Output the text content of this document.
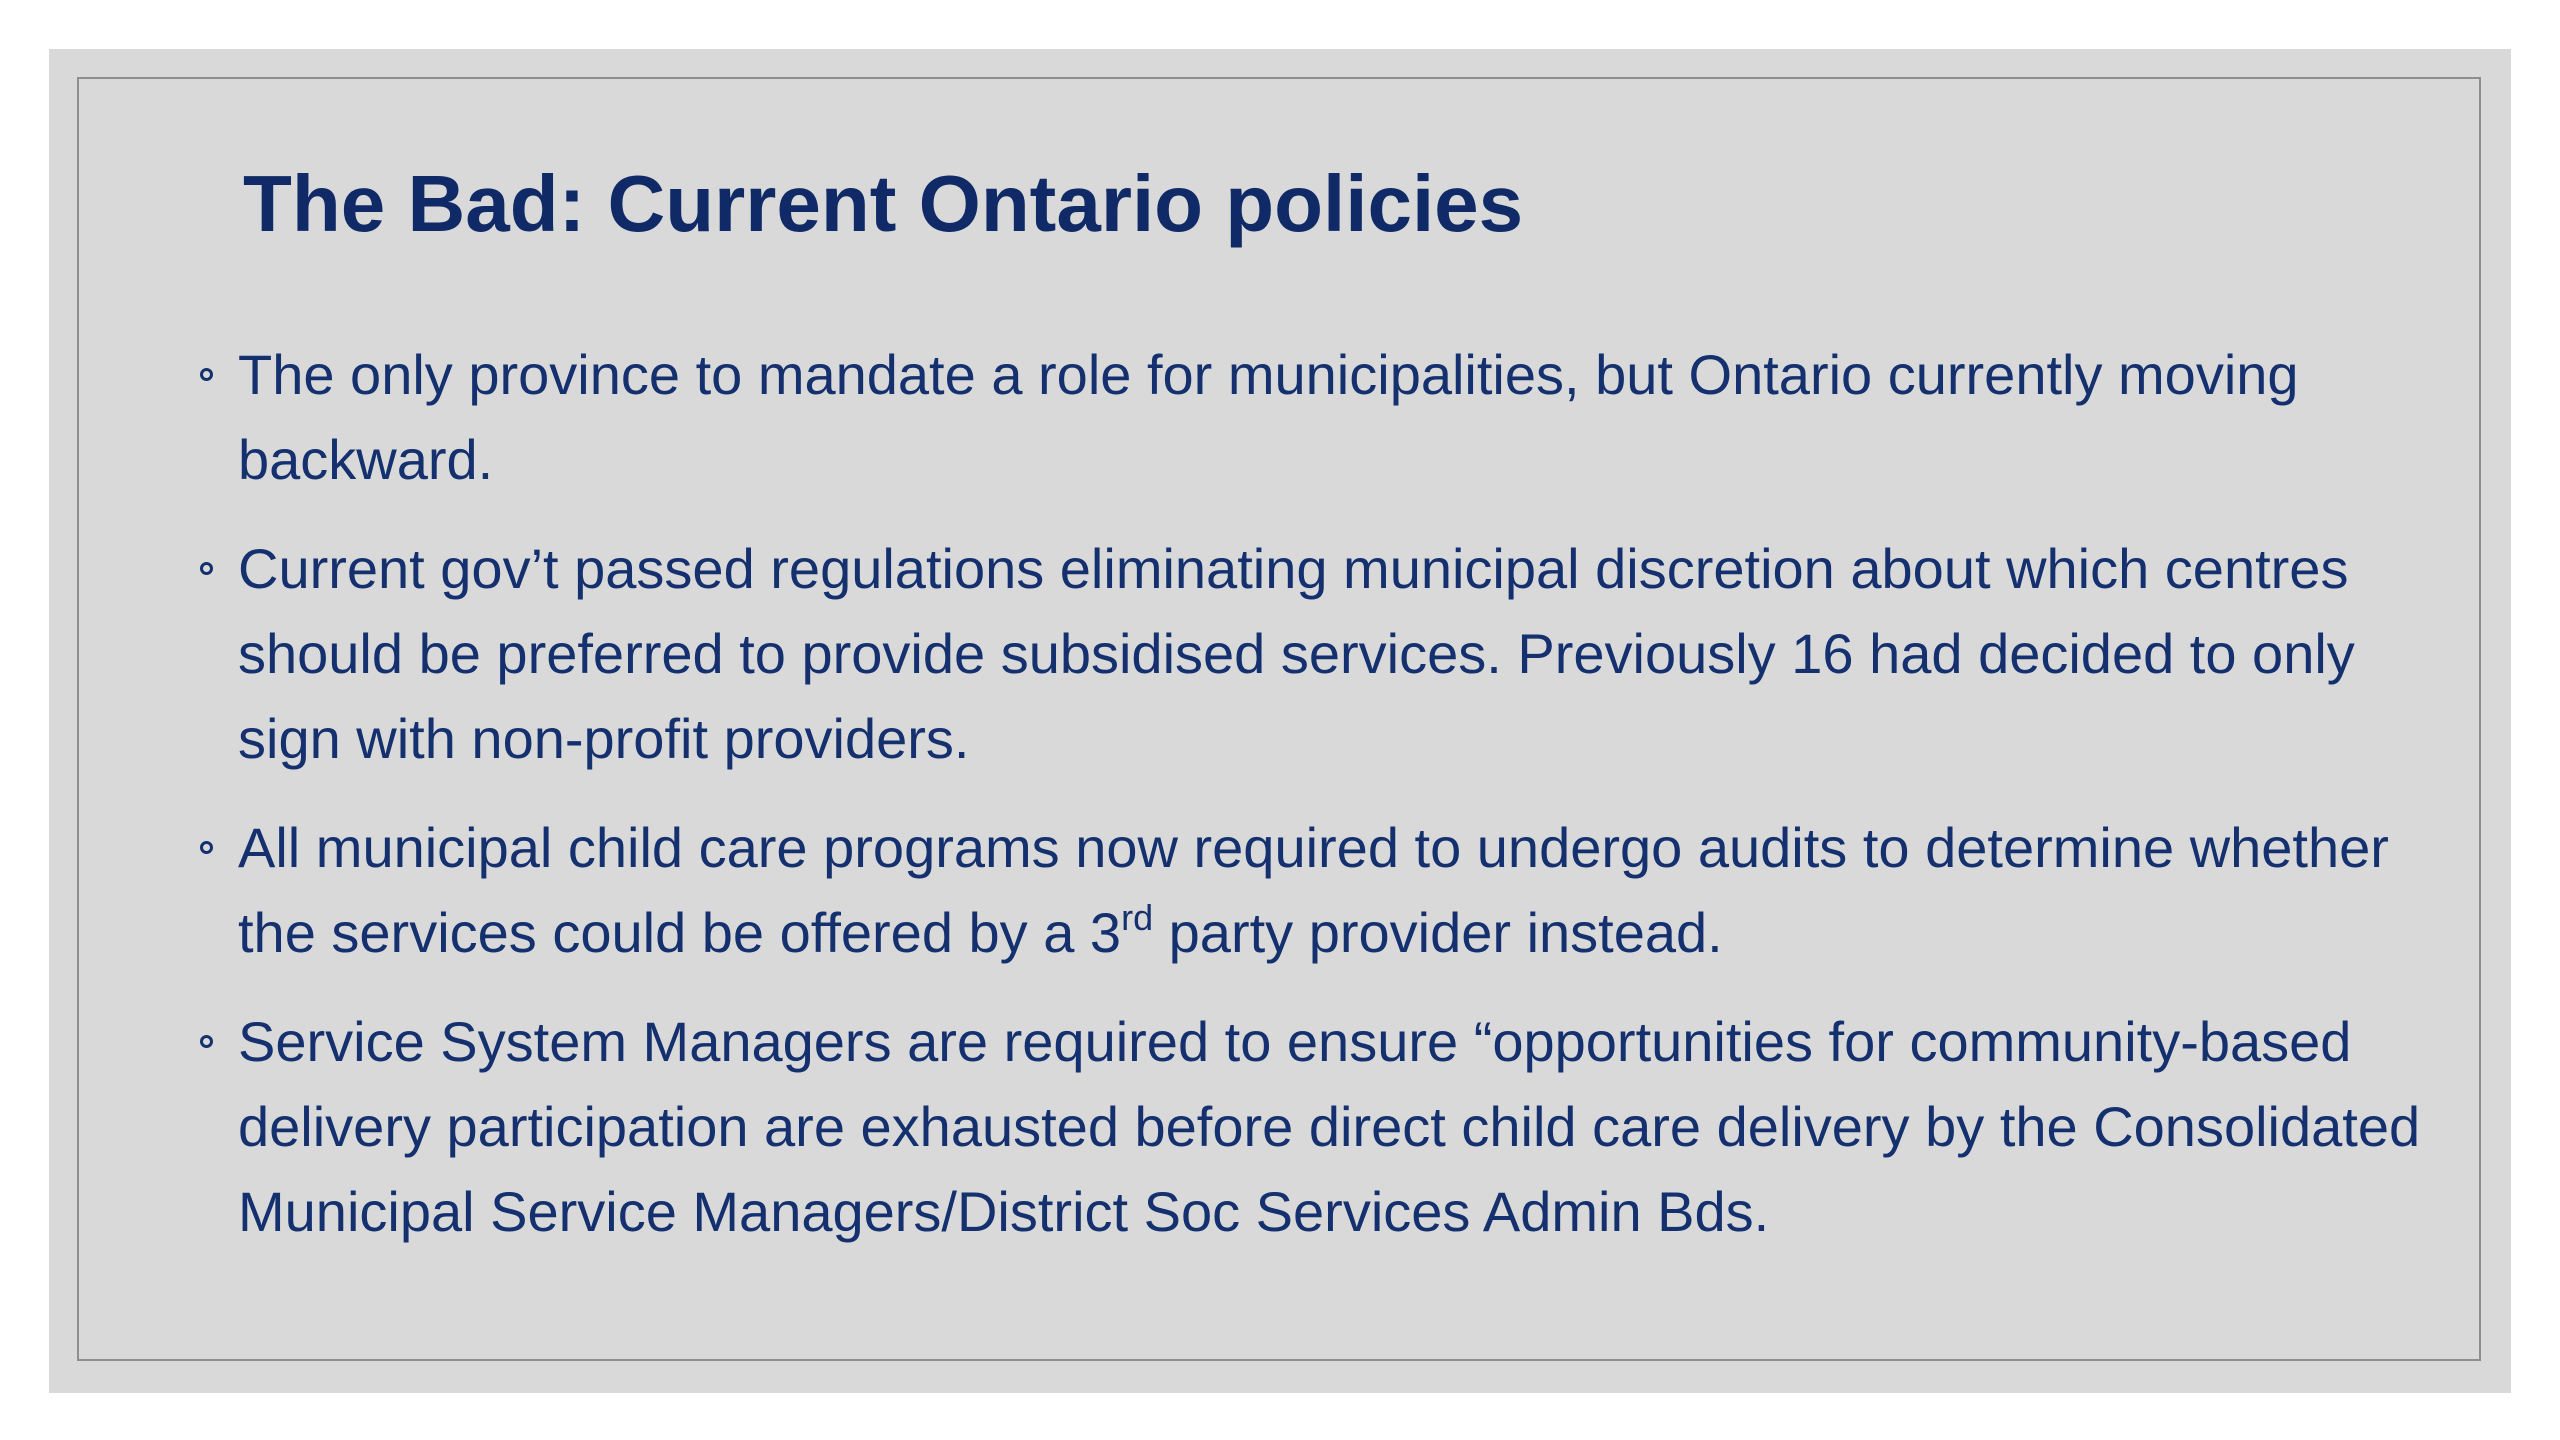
The Bad: Current Ontario policies
The only province to mandate a role for municipalities, but Ontario currently moving backward.
Current gov’t passed regulations eliminating municipal discretion about which centres should be preferred to provide subsidised services. Previously 16 had decided to only sign with non-profit providers.
All municipal child care programs now required to undergo audits to determine whether the services could be offered by a 3rd party provider instead.
Service System Managers are required to ensure “opportunities for community-based delivery participation are exhausted before direct child care delivery by the Consolidated Municipal Service Managers/District Soc Services Admin Bds.
